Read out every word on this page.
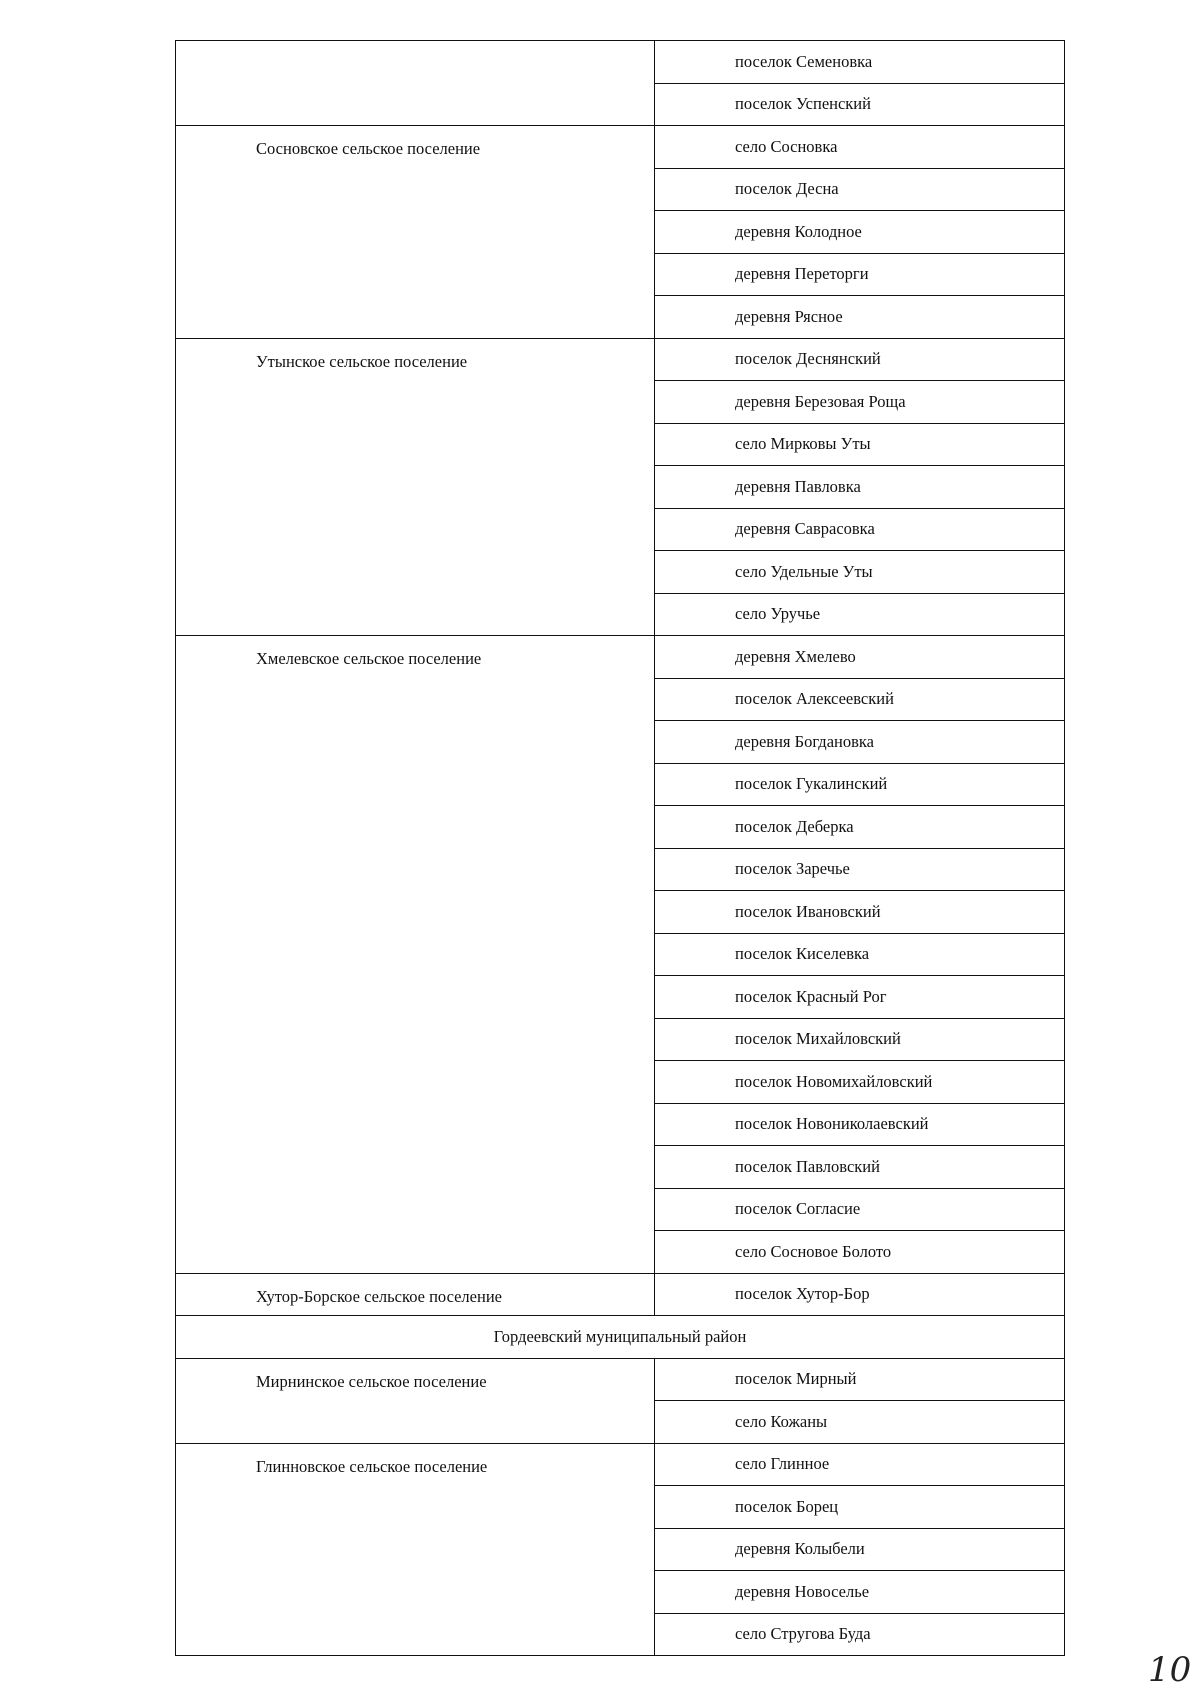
	поселок Семеновка
	поселок Успенский
Сосновское сельское поселение	село Сосновка
	поселок Десна
	деревня Колодное
	деревня Переторги
	деревня Рясное
Утынское сельское поселение	поселок Деснянский
	деревня Березовая Роща
	село Мирковы Уты
	деревня Павловка
	деревня Саврасовка
	село Удельные Уты
	село Уручье
Хмелевское сельское поселение	деревня Хмелево
	поселок Алексеевский
	деревня Богдановка
	поселок Гукалинский
	поселок Деберка
	поселок Заречье
	поселок Ивановский
	поселок Киселевка
	поселок Красный Рог
	поселок Михайловский
	поселок Новомихайловский
	поселок Новониколаевский
	поселок Павловский
	поселок Согласие
	село Сосновое Болото
Хутор-Борское сельское поселение	поселок Хутор-Бор
Гордеевский муниципальный район	
Мирнинское сельское поселение	поселок Мирный
	село Кожаны
Глинновское сельское поселение	село Глинное
	поселок Борец
	деревня Колыбели
	деревня Новоселье
	село Стругова Буда
10
